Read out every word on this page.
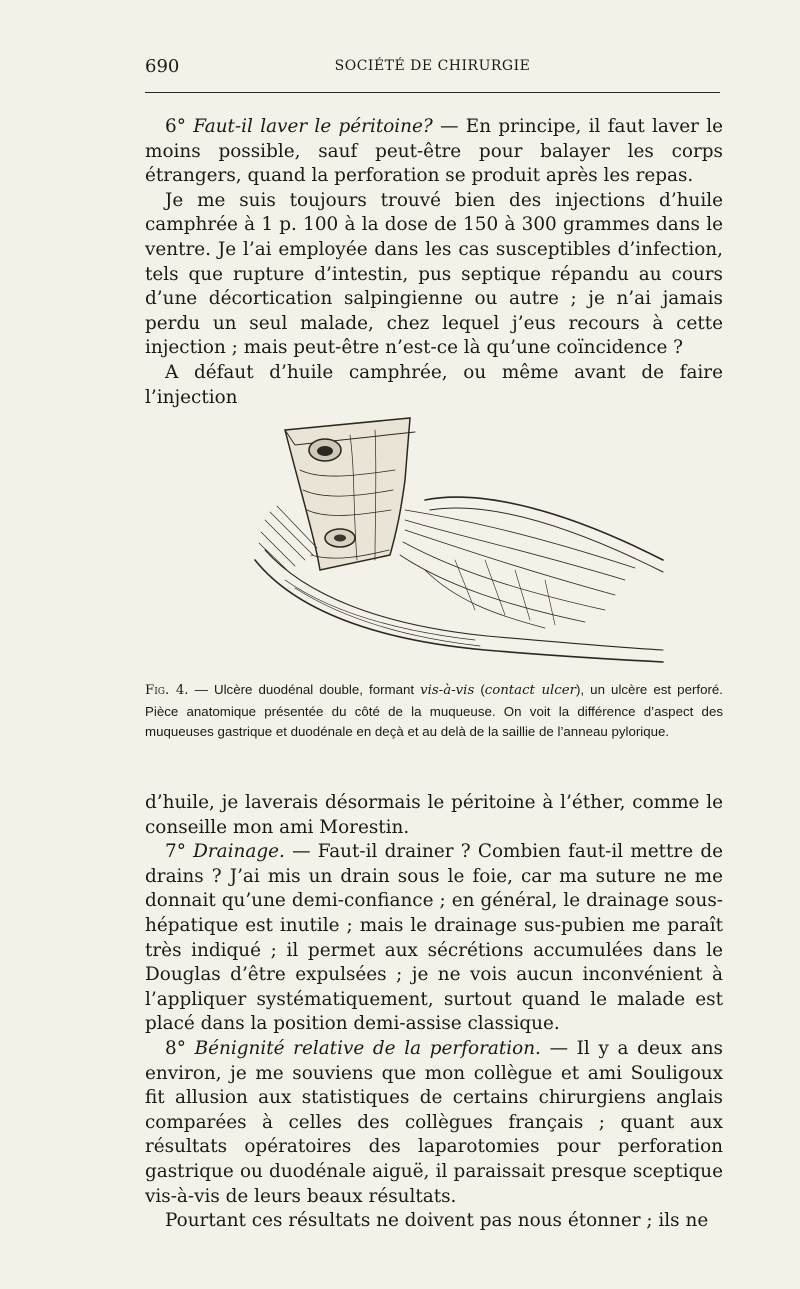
690	SOCIÉTÉ DE CHIRURGIE

6° Faut-il laver le péritoine? — En principe, il faut laver le moins possible, sauf peut-être pour balayer les corps étrangers, quand la perforation se produit après les repas.

Je me suis toujours trouvé bien des injections d’huile camphrée à 1 p. 100 à la dose de 150 à 300 grammes dans le ventre. Je l’ai employée dans les cas susceptibles d’infection, tels que rupture d’intestin, pus septique répandu au cours d’une décortication salpingienne ou autre ; je n’ai jamais perdu un seul malade, chez lequel j’eus recours à cette injection ; mais peut-être n’est-ce là qu’une coïncidence ?

A défaut d’huile camphrée, ou même avant de faire l’injection

Fig. 4. — Ulcère duodénal double, formant vis-à-vis (contact ulcer), un ulcère est perforé. Pièce anatomique présentée du côté de la muqueuse. On voit la différence d’aspect des muqueuses gastrique et duodénale en deçà et au delà de la saillie de l’anneau pylorique.

d’huile, je laverais désormais le péritoine à l’éther, comme le conseille mon ami Morestin.

7° Drainage. — Faut-il drainer ? Combien faut-il mettre de drains ? J’ai mis un drain sous le foie, car ma suture ne me donnait qu’une demi-confiance ; en général, le drainage sous-hépatique est inutile ; mais le drainage sus-pubien me paraît très indiqué ; il permet aux sécrétions accumulées dans le Douglas d’être expulsées ; je ne vois aucun inconvénient à l’appliquer systématiquement, surtout quand le malade est placé dans la position demi-assise classique.

8° Bénignité relative de la perforation. — Il y a deux ans environ, je me souviens que mon collègue et ami Souligoux fit allusion aux statistiques de certains chirurgiens anglais comparées à celles des collègues français ; quant aux résultats opératoires des laparotomies pour perforation gastrique ou duodénale aiguë, il paraissait presque sceptique vis-à-vis de leurs beaux résultats.

Pourtant ces résultats ne doivent pas nous étonner ; ils ne
